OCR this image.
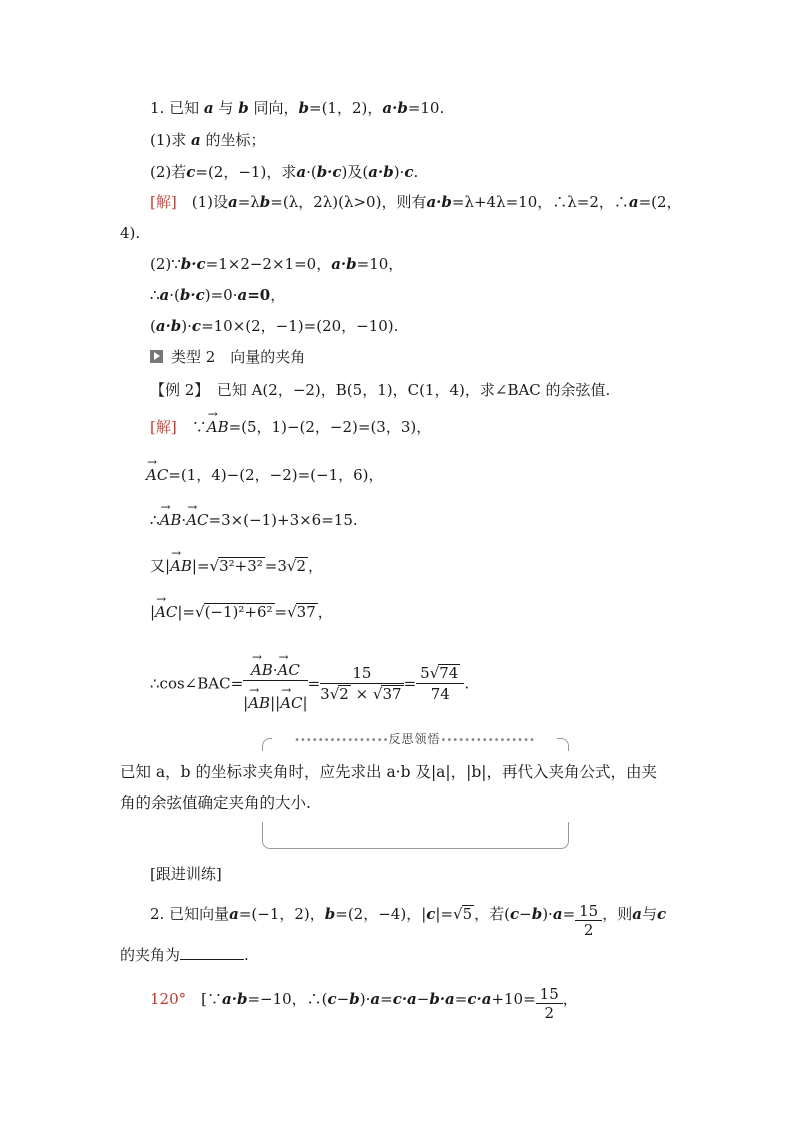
1. 已知 a 与 b 同向，b=(1，2)，a·b=10.
(1)求 a 的坐标；
(2)若c=(2，−1)，求a·(b·c)及(a·b)·c.
[解]　 (1)设a=λb=(λ，2λ)(λ>0)，则有a·b=λ+4λ=10，∴λ=2，∴a=(2，
4).
(2)∵b·c=1×2−2×1=0，a·b=10，
∴a·(b·c)=0·a=0，
(a·b)·c=10×(2，−1)=(20，−10).
类型 2　向量的夹角
【例 2】　 已知 A(2，−2)，B(5，1)，C(1，4)，求∠BAC 的余弦值.
[解]　∵→ AB=(5，1)−(2，−2)=(3，3)，
→ AC=(1，4)−(2，−2)=(−1，6)，
∴→ AB·→ AC=3×(−1)+3×6=15.
又|→ AB|=√3²+3² =3√2 ，
|→ AC|=√(−1)²+6² =√37 ，
∴cos∠BAC=
→ $\frac{AB\cdot\to AC}{|\to AB||\to AC|} = \frac{15}{3√2 \times √37} = \frac{5√74}{74}$ .
••••••••••••••••反思领悟••••••••••••••••
已知 a，b 的坐标求夹角时，应先求出 a·b 及|a|，|b|，再代入夹角公式，由夹
角的余弦值确定夹角的大小.
[跟进训练]
2. 已知向量a=(−1，2)，b=(2，−4)，|c|=√5 ，若$(c-b)\cdot a= \frac{15}{2}$ ，则a与c
的夹角为	.
120°　 [∵a·b=−10，∴(c−b)·a=c·a−b·a=c·a+10= $\frac{15}{2}$ ，
